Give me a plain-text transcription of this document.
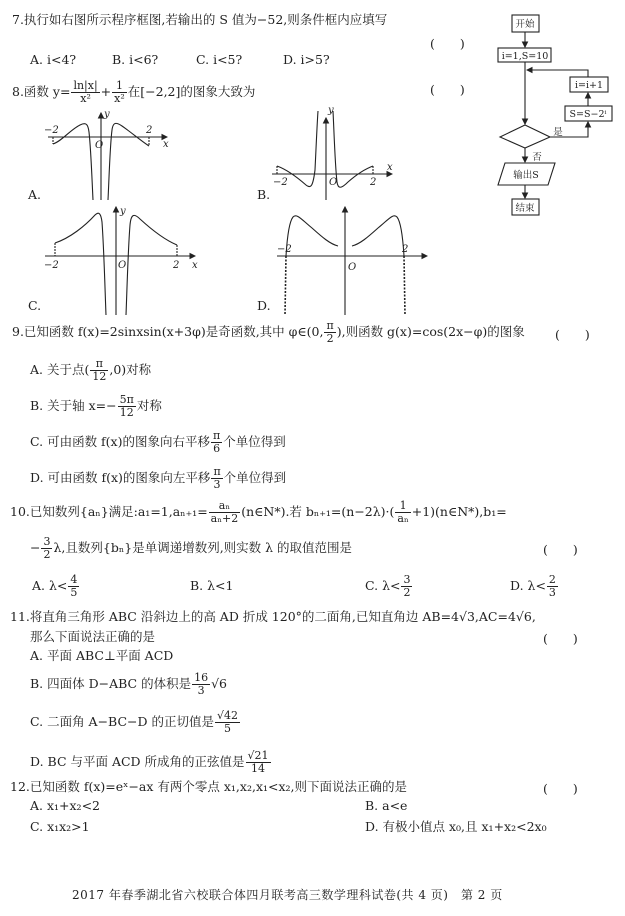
7.执行如右图所示程序框图,若输出的 S 值为−52,则条件框内应填写
(　　)
A. i<4?	B. i<6?	C. i<5?	D. i>5?
8.函数 $y= \frac{\ln|x|}{\text{x²}} + \frac{1}{\text{x²}}$ 在[−2,2]的图象大致为	(　　)
A.	B.
C.	D.
−2	2
O
y
x
−2	2
O
y
x
−2	2
O
y
x
−2	2
O
开始
i=1,S=10
S=S−2ⁱ
i=i+1
是
否
输出S
结束
9.已知函数 f(x)=2sinxsin(x+3φ)是奇函数,其中 φ∈(0, $\frac{\pi}{2}$ ),则函数 g(x)=cos(2x−φ)的图象 (　　)
A. 关于点( $\frac{\pi}{12} ,0$)对称
B. 关于轴 $x=- \frac{5\pi}{12}$ 对称
C. 可由函数 f(x)的图象向右平移 $\frac{\pi}{6}$ 个单位得到
D. 可由函数 f(x)的图象向左平移 $\frac{\pi}{3}$ 个单位得到
10.已知数列{aₙ}满足:a₁=1,aₙ₊₁= $\frac{\text{aₙ}}{\text{aₙ+2}}$ (n∈N*).若 $b_{n+1}=(n-2\lambda)\cdot( \frac{1}{\text{aₙ}}$ +1)(n∈N*),b₁=
− $\frac{3}{2} \lambda$,且数列{bₙ}是单调递增数列,则实数 λ 的取值范围是	(　　)
A. $\lambda< \frac{4}{5}$	B. λ<1	C. $\lambda< \frac{3}{2}$	D. $\lambda< \frac{2}{3}$
11.将直角三角形 ABC 沿斜边上的高 AD 折成 120°的二面角,已知直角边 AB=4√3,AC=4√6,
那么下面说法正确的是	(　　)
A. 平面 ABC⊥平面 ACD
B. 四面体 D−ABC 的体积是 $\frac{16}{3} √6$
C. 二面角 A−BC−D 的正切值是 $\frac{√42}{5}$
D. BC 与平面 ACD 所成角的正弦值是 $\frac{√21}{14}$
12.已知函数 f(x)=eˣ−ax 有两个零点 x₁,x₂,x₁<x₂,则下面说法正确的是	(　　)
A. x₁+x₂<2	B. a<e
C. x₁x₂>1	D. 有极小值点 x₀,且 x₁+x₂<2x₀
2017 年春季湖北省六校联合体四月联考高三数学理科试卷(共 4 页)　第 2 页
